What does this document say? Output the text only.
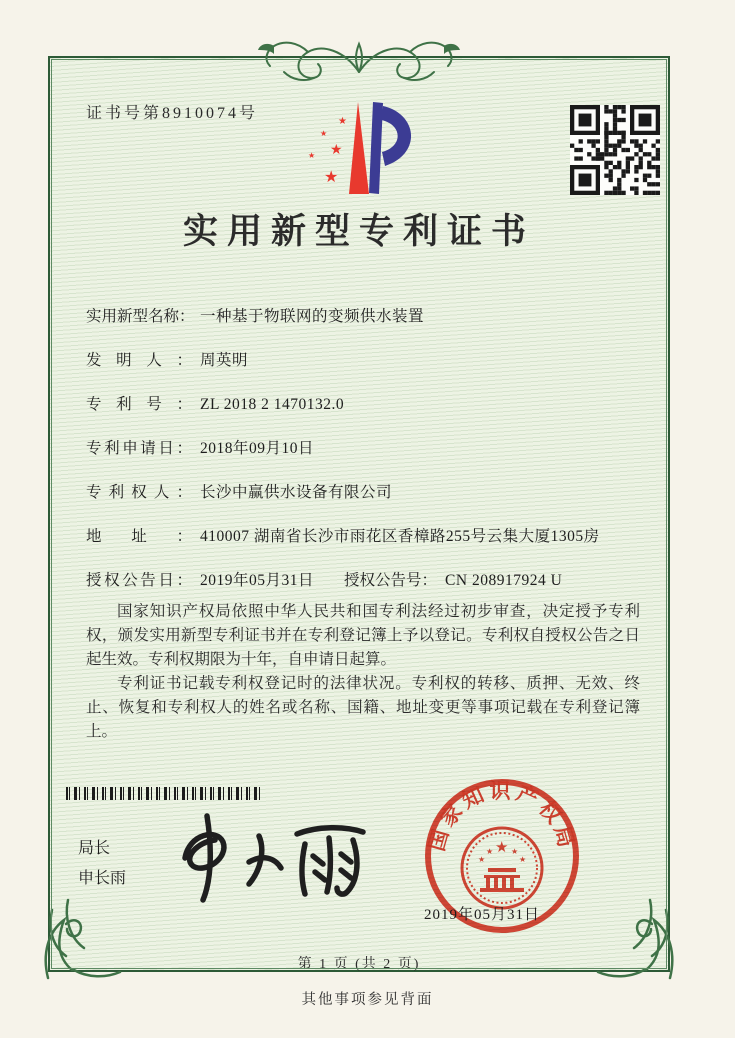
证书号第8910074号	★
★
★
★
★
实用新型专利证书
实用新型名称： 一种基于物联网的变频供水装置
发明人： 周英明
专利号： ZL 2018 2 1470132.0
专利申请日： 2018年09月10日
专利权人： 长沙中赢供水设备有限公司
地址： 410007 湖南省长沙市雨花区香樟路255号云集大厦1305房
授权公告日： 2019年05月31日 授权公告号： CN 208917924 U

国家知识产权局依照中华人民共和国专利法经过初步审查，决定授予专利权，颁发实用新型专利证书并在专利登记簿上予以登记。专利权自授权公告之日起生效。专利权期限为十年，自申请日起算。

专利证书记载专利权登记时的法律状况。专利权的转移、质押、无效、终止、恢复和专利权人的姓名或名称、国籍、地址变更等事项记载在专利登记簿上。

局长
申长雨
国家知识产权局
★
★
★ ★
★
2019年05月31日
第 1 页 (共 2 页)
其他事项参见背面
